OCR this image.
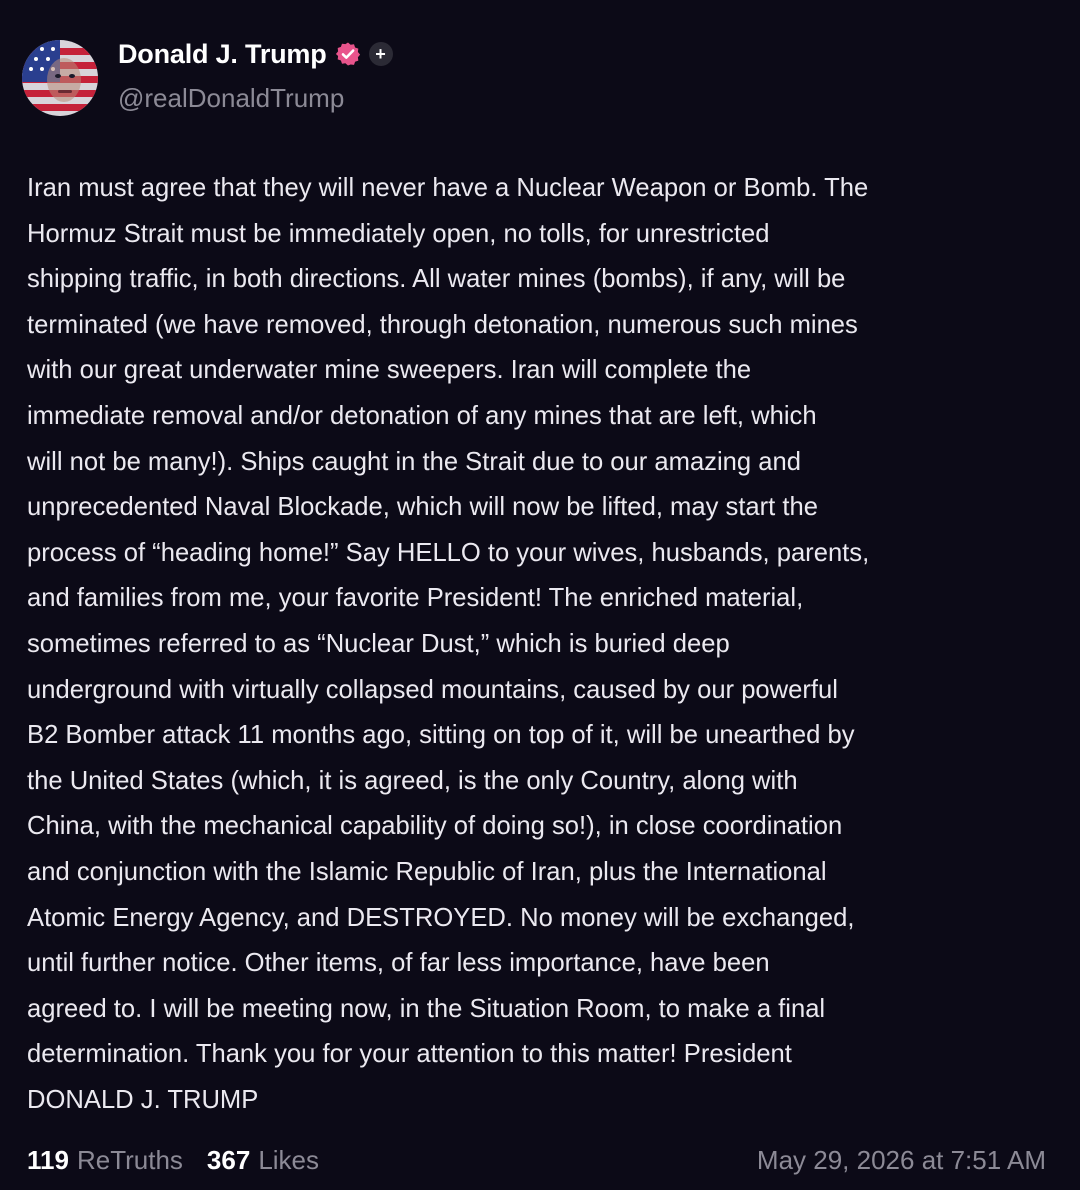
Donald J. Trump	+
@realDonaldTrump
Iran must agree that they will never have a Nuclear Weapon or Bomb. The
Hormuz Strait must be immediately open, no tolls, for unrestricted
shipping traffic, in both directions. All water mines (bombs), if any, will be
terminated (we have removed, through detonation, numerous such mines
with our great underwater mine sweepers. Iran will complete the
immediate removal and/or detonation of any mines that are left, which
will not be many!). Ships caught in the Strait due to our amazing and
unprecedented Naval Blockade, which will now be lifted, may start the
process of “heading home!” Say HELLO to your wives, husbands, parents,
and families from me, your favorite President! The enriched material,
sometimes referred to as “Nuclear Dust,” which is buried deep
underground with virtually collapsed mountains, caused by our powerful
B2 Bomber attack 11 months ago, sitting on top of it, will be unearthed by
the United States (which, it is agreed, is the only Country, along with
China, with the mechanical capability of doing so!), in close coordination
and conjunction with the Islamic Republic of Iran, plus the International
Atomic Energy Agency, and DESTROYED. No money will be exchanged,
until further notice. Other items, of far less importance, have been
agreed to. I will be meeting now, in the Situation Room, to make a final
determination. Thank you for your attention to this matter! President
DONALD J. TRUMP
119 ReTruths 367 Likes	May 29, 2026 at 7:51 AM
